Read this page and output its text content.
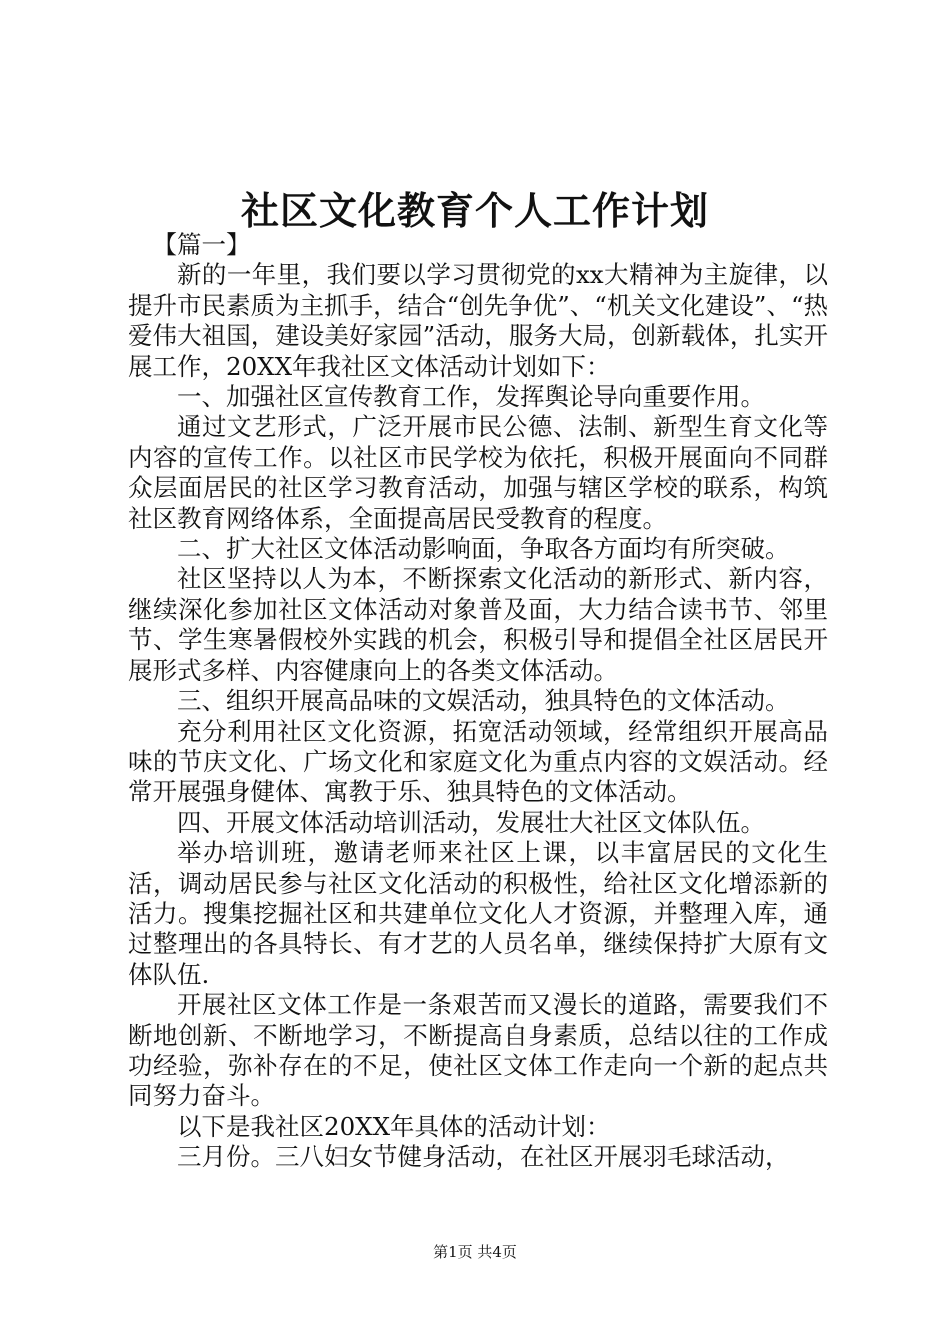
社区文化教育个人工作计划

【篇一】

新的一年里，我们要以学习贯彻党的xx大精神为主旋律，以提升市民素质为主抓手，结合“创先争优”、“机关文化建设”、“热爱伟大祖国，建设美好家园”活动，服务大局，创新载体，扎实开展工作，20XX年我社区文体活动计划如下：

一、加强社区宣传教育工作，发挥舆论导向重要作用。

通过文艺形式，广泛开展市民公德、法制、新型生育文化等内容的宣传工作。以社区市民学校为依托，积极开展面向不同群众层面居民的社区学习教育活动，加强与辖区学校的联系，构筑社区教育网络体系，全面提高居民受教育的程度。

二、扩大社区文体活动影响面，争取各方面均有所突破。

社区坚持以人为本，不断探索文化活动的新形式、新内容，继续深化参加社区文体活动对象普及面，大力结合读书节、邻里节、学生寒暑假校外实践的机会，积极引导和提倡全社区居民开展形式多样、内容健康向上的各类文体活动。

三、组织开展高品味的文娱活动，独具特色的文体活动。

充分利用社区文化资源，拓宽活动领域，经常组织开展高品味的节庆文化、广场文化和家庭文化为重点内容的文娱活动。经常开展强身健体、寓教于乐、独具特色的文体活动。

四、开展文体活动培训活动，发展壮大社区文体队伍。

举办培训班，邀请老师来社区上课，以丰富居民的文化生活，调动居民参与社区文化活动的积极性，给社区文化增添新的活力。搜集挖掘社区和共建单位文化人才资源，并整理入库，通过整理出的各具特长、有才艺的人员名单，继续保持扩大原有文体队伍.

开展社区文体工作是一条艰苦而又漫长的道路，需要我们不断地创新、不断地学习，不断提高自身素质，总结以往的工作成功经验，弥补存在的不足，使社区文体工作走向一个新的起点共同努力奋斗。

以下是我社区20XX年具体的活动计划：

三月份。三八妇女节健身活动，在社区开展羽毛球活动，

第1页 共4页
